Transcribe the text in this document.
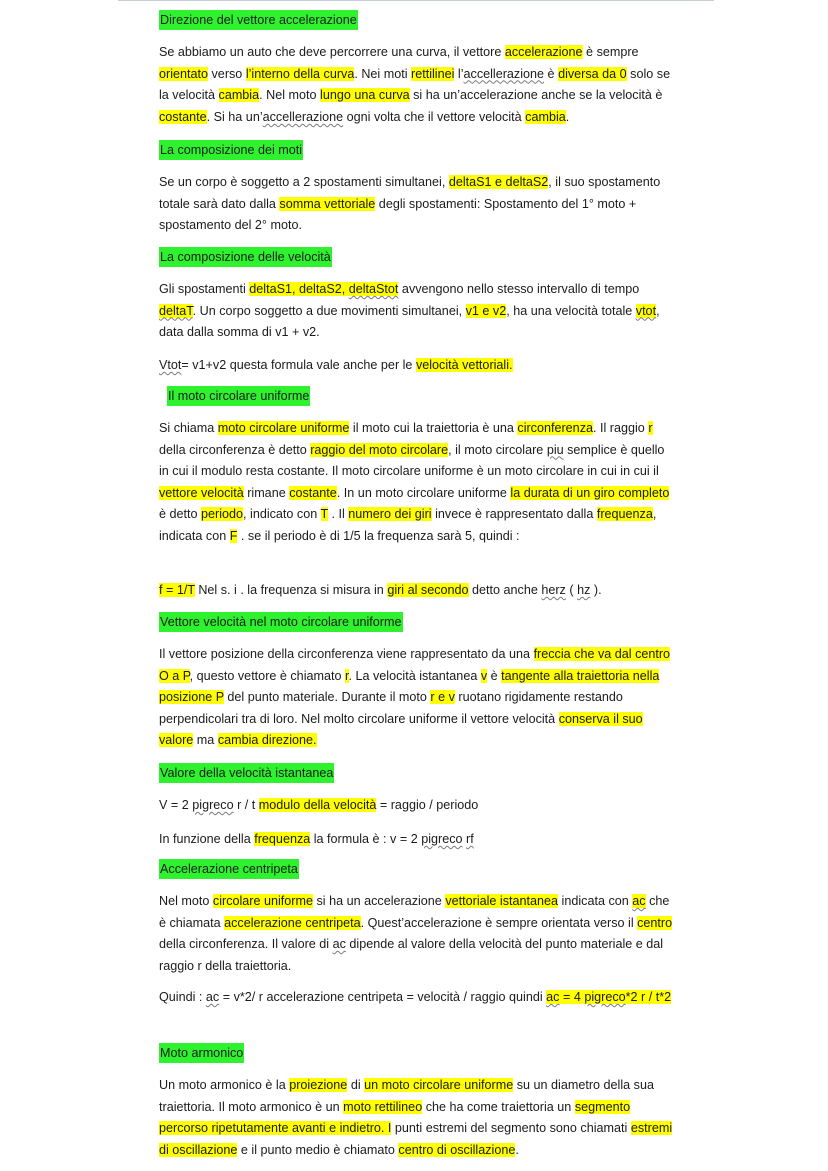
Direzione del vettore accelerazione

Se abbiamo un auto che deve percorrere una curva, il vettore accelerazione è sempre orientato verso l’interno della curva. Nei moti rettilinei l’accellerazione è diversa da 0 solo se la velocità cambia. Nel moto lungo una curva si ha un’accelerazione anche se la velocità è costante. Si ha un’accellerazione ogni volta che il vettore velocità cambia.

La composizione dei moti

Se un corpo è soggetto a 2 spostamenti simultanei, deltaS1 e deltaS2, il suo spostamento totale sarà dato dalla somma vettoriale degli spostamenti: Spostamento del 1° moto + spostamento del 2° moto.

La composizione delle velocità

Gli spostamenti deltaS1, deltaS2, deltaStot avvengono nello stesso intervallo di tempo deltaT. Un corpo soggetto a due movimenti simultanei, v1 e v2, ha una velocità totale vtot, data dalla somma di v1 + v2.

Vtot= v1+v2 questa formula vale anche per le velocità vettoriali.

Il moto circolare uniforme

Si chiama moto circolare uniforme il moto cui la traiettoria è una circonferenza. Il raggio r della circonferenza è detto raggio del moto circolare, il moto circolare piu semplice è quello in cui il modulo resta costante. Il moto circolare uniforme è un moto circolare in cui in cui il vettore velocità rimane costante. In un moto circolare uniforme la durata di un giro completo è detto periodo, indicato con T . Il numero dei giri invece è rappresentato dalla frequenza, indicata con F . se il periodo è di 1/5 la frequenza sarà 5, quindi :

f = 1/T Nel s. i . la frequenza si misura in giri al secondo detto anche herz ( hz ).

Vettore velocità nel moto circolare uniforme

Il vettore posizione della circonferenza viene rappresentato da una freccia che va dal centro O a P, questo vettore è chiamato r. La velocità istantanea v è tangente alla traiettoria nella posizione P del punto materiale. Durante il moto r e v ruotano rigidamente restando perpendicolari tra di loro. Nel molto circolare uniforme il vettore velocità conserva il suo valore ma cambia direzione.

Valore della velocità istantanea

V = 2 pigreco r / t modulo della velocità = raggio / periodo

In funzione della frequenza la formula è : v = 2 pigreco rf

Accelerazione centripeta

Nel moto circolare uniforme si ha un accelerazione vettoriale istantanea indicata con ac che è chiamata accelerazione centripeta. Quest’accelerazione è sempre orientata verso il centro della circonferenza. Il valore di ac dipende al valore della velocità del punto materiale e dal raggio r della traiettoria.

Quindi : ac = v*2/ r accelerazione centripeta = velocità / raggio quindi ac = 4 pigreco*2 r / t*2

Moto armonico

Un moto armonico è la proiezione di un moto circolare uniforme su un diametro della sua traiettoria. Il moto armonico è un moto rettilineo che ha come traiettoria un segmento percorso ripetutamente avanti e indietro. I punti estremi del segmento sono chiamati estremi di oscillazione e il punto medio è chiamato centro di oscillazione.
